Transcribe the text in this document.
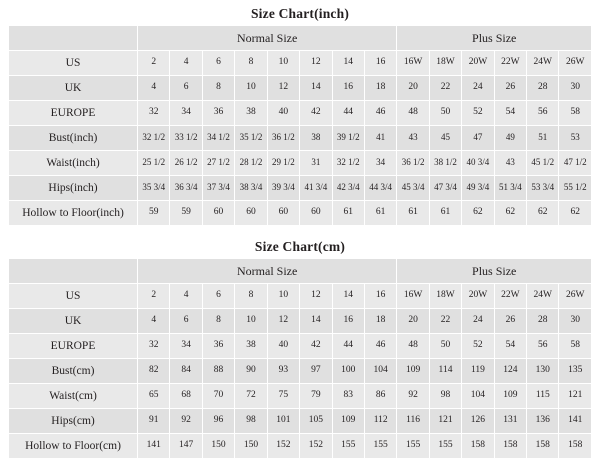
Size Chart(inch)
	Normal Size								Plus Size					
US	2	4	6	8	10	12	14	16	16W	18W	20W	22W	24W	26W
UK	4	6	8	10	12	14	16	18	20	22	24	26	28	30
EUROPE	32	34	36	38	40	42	44	46	48	50	52	54	56	58
Bust(inch)	32 1/2	33 1/2	34 1/2	35 1/2	36 1/2	38	39 1/2	41	43	45	47	49	51	53
Waist(inch)	25 1/2	26 1/2	27 1/2	28 1/2	29 1/2	31	32 1/2	34	36 1/2	38 1/2	40 3/4	43	45 1/2	47 1/2
Hips(inch)	35 3/4	36 3/4	37 3/4	38 3/4	39 3/4	41 3/4	42 3/4	44 3/4	45 3/4	47 3/4	49 3/4	51 3/4	53 3/4	55 1/2
Hollow to Floor(inch)	59	59	60	60	60	60	61	61	61	61	62	62	62	62
Size Chart(cm)
	Normal Size								Plus Size					
US	2	4	6	8	10	12	14	16	16W	18W	20W	22W	24W	26W
UK	4	6	8	10	12	14	16	18	20	22	24	26	28	30
EUROPE	32	34	36	38	40	42	44	46	48	50	52	54	56	58
Bust(cm)	82	84	88	90	93	97	100	104	109	114	119	124	130	135
Waist(cm)	65	68	70	72	75	79	83	86	92	98	104	109	115	121
Hips(cm)	91	92	96	98	101	105	109	112	116	121	126	131	136	141
Hollow to Floor(cm)	141	147	150	150	152	152	155	155	155	155	158	158	158	158
